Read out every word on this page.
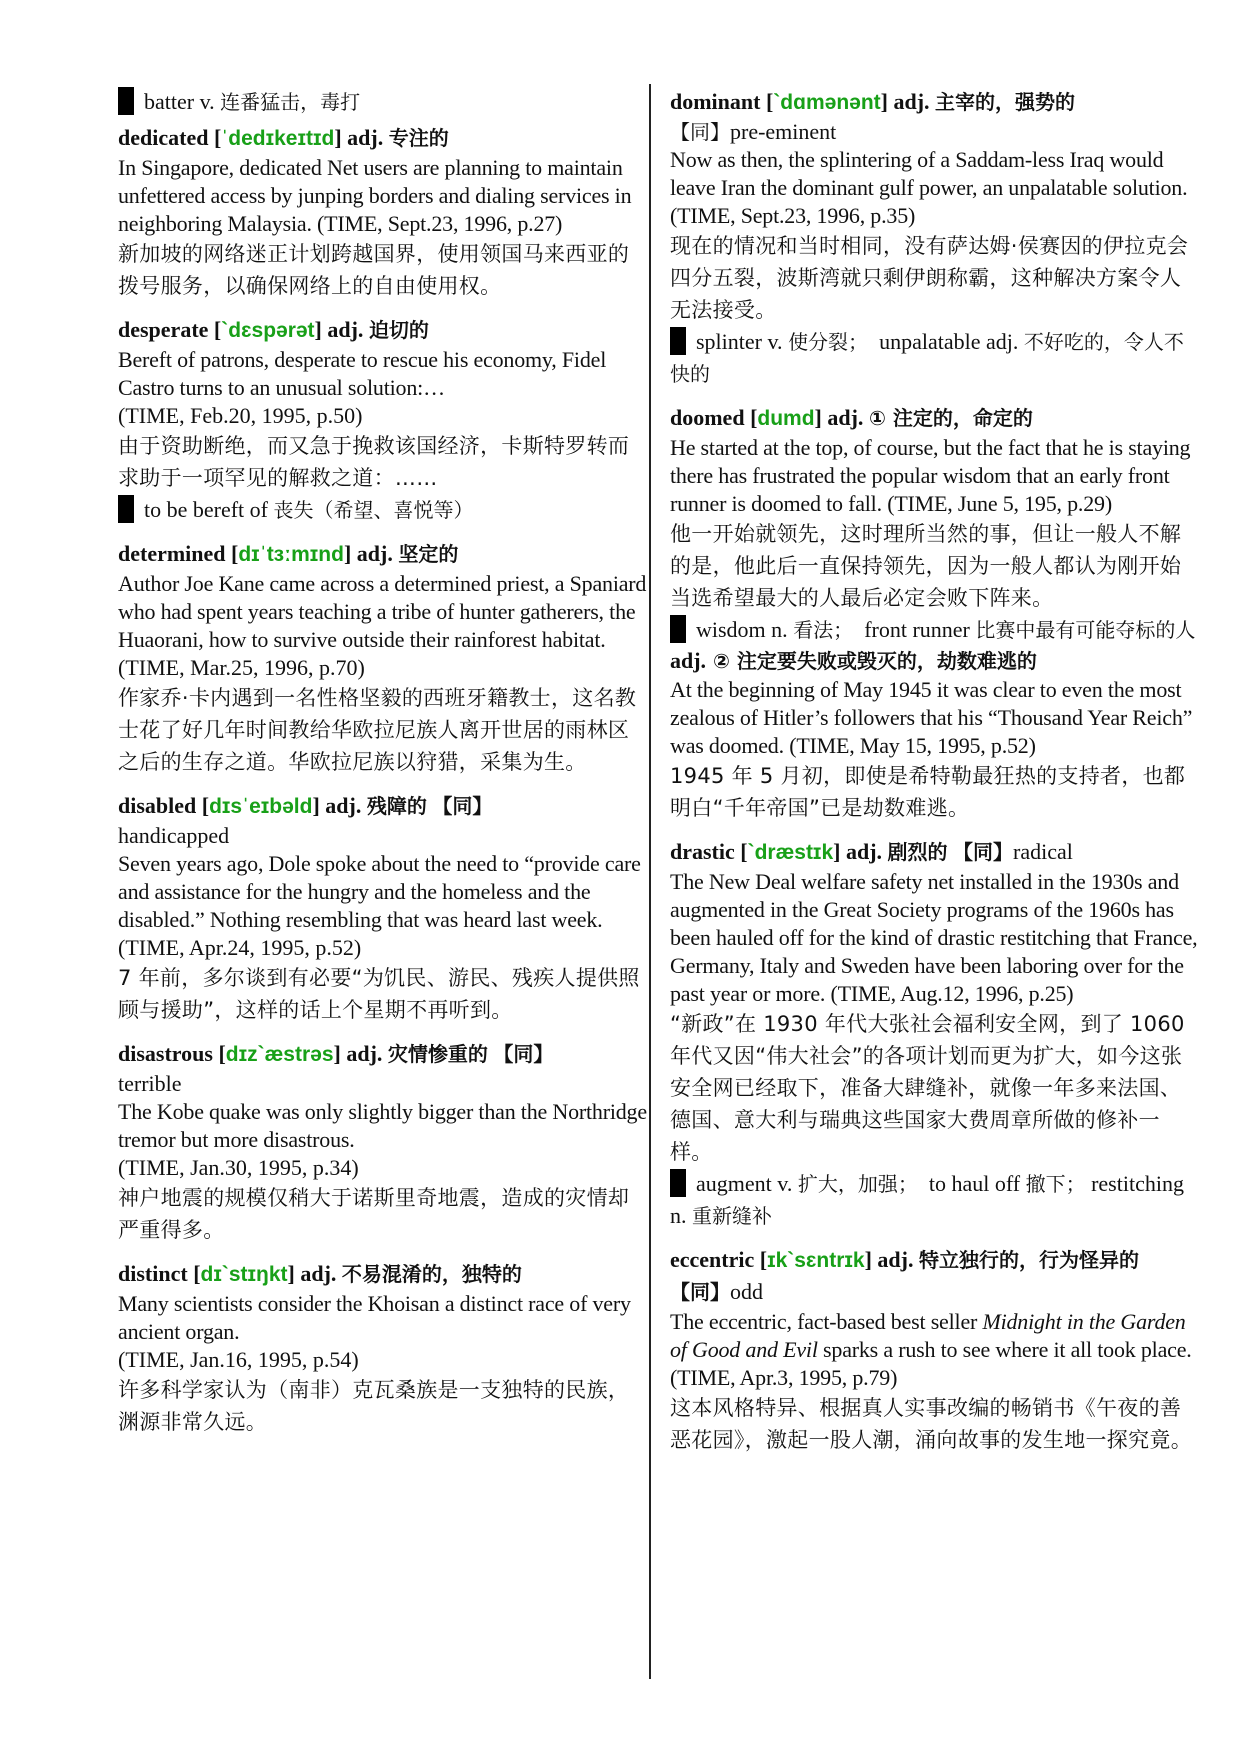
batter v. 连番猛击，毒打

dedicated [ˈdedɪkeɪtɪd] adj. 专注的

In Singapore, dedicated Net users are planning to maintain unfettered access by junping borders and dialing services in neighboring Malaysia. (TIME, Sept.23, 1996, p.27)

新加坡的网络迷正计划跨越国界，使用领国马来西亚的拨号服务，以确保网络上的自由使用权。

desperate [`dɛspərət] adj. 迫切的

Bereft of patrons, desperate to rescue his economy, Fidel Castro turns to an unusual solution:…

(TIME, Feb.20, 1995, p.50)

由于资助断绝，而又急于挽救该国经济，卡斯特罗转而求助于一项罕见的解救之道：……

to be bereft of 丧失（希望、喜悦等）

determined [dɪˈtɜːmɪnd] adj. 坚定的

Author Joe Kane came across a determined priest, a Spaniard who had spent years teaching a tribe of hunter gatherers, the Huaorani, how to survive outside their rainforest habitat.

(TIME, Mar.25, 1996, p.70)

作家乔·卡内遇到一名性格坚毅的西班牙籍教士，这名教士花了好几年时间教给华欧拉尼族人离开世居的雨林区之后的生存之道。华欧拉尼族以狩猎，采集为生。

disabled [dɪsˈeɪbəld] adj. 残障的 【同】

handicapped

Seven years ago, Dole spoke about the need to “provide care and assistance for the hungry and the homeless and the disabled.” Nothing resembling that was heard last week.

(TIME, Apr.24, 1995, p.52)

7 年前，多尔谈到有必要“为饥民、游民、残疾人提供照顾与援助”，这样的话上个星期不再听到。

disastrous [dɪz`æstrəs] adj. 灾情惨重的 【同】

terrible

The Kobe quake was only slightly bigger than the Northridge tremor but more disastrous.

(TIME, Jan.30, 1995, p.34)

神户地震的规模仅稍大于诺斯里奇地震，造成的灾情却严重得多。

distinct [dɪ`stɪŋkt] adj. 不易混淆的，独特的

Many scientists consider the Khoisan a distinct race of very ancient organ.

(TIME, Jan.16, 1995, p.54)

许多科学家认为（南非）克瓦桑族是一支独特的民族，渊源非常久远。

dominant [`dɑmənənt] adj. 主宰的，强势的

【同】pre-eminent

Now as then, the splintering of a Saddam-less Iraq would leave Iran the dominant gulf power, an unpalatable solution. (TIME, Sept.23, 1996, p.35)

现在的情况和当时相同，没有萨达姆·侯赛因的伊拉克会四分五裂，波斯湾就只剩伊朗称霸，这种解决方案令人无法接受。

splinter v. 使分裂； unpalatable adj. 不好吃的，令人不快的

doomed [dumd] adj. ① 注定的，命定的

He started at the top, of course, but the fact that he is staying there has frustrated the popular wisdom that an early front runner is doomed to fall. (TIME, June 5, 195, p.29)

他一开始就领先，这时理所当然的事，但让一般人不解的是，他此后一直保持领先，因为一般人都认为刚开始当选希望最大的人最后必定会败下阵来。

wisdom n. 看法； front runner 比赛中最有可能夺标的人

adj. ② 注定要失败或毁灭的，劫数难逃的

At the beginning of May 1945 it was clear to even the most zealous of Hitler’s followers that his “Thousand Year Reich” was doomed. (TIME, May 15, 1995, p.52)

1945 年 5 月初，即使是希特勒最狂热的支持者，也都明白“千年帝国”已是劫数难逃。

drastic [`dræstɪk] adj. 剧烈的 【同】radical

The New Deal welfare safety net installed in the 1930s and augmented in the Great Society programs of the 1960s has been hauled off for the kind of drastic restitching that France, Germany, Italy and Sweden have been laboring over for the past year or more. (TIME, Aug.12, 1996, p.25)

“新政”在 1930 年代大张社会福利安全网，到了 1060 年代又因“伟大社会”的各项计划而更为扩大，如今这张安全网已经取下，准备大肆缝补，就像一年多来法国、德国、意大利与瑞典这些国家大费周章所做的修补一样。

augment v. 扩大，加强； to haul off 撤下； restitching n. 重新缝补

eccentric [ɪk`sɛntrɪk] adj. 特立独行的，行为怪异的 【同】odd

The eccentric, fact-based best seller Midnight in the Garden of Good and Evil sparks a rush to see where it all took place. (TIME, Apr.3, 1995, p.79)

这本风格特异、根据真人实事改编的畅销书《午夜的善恶花园》，激起一股人潮，涌向故事的发生地一探究竟。
